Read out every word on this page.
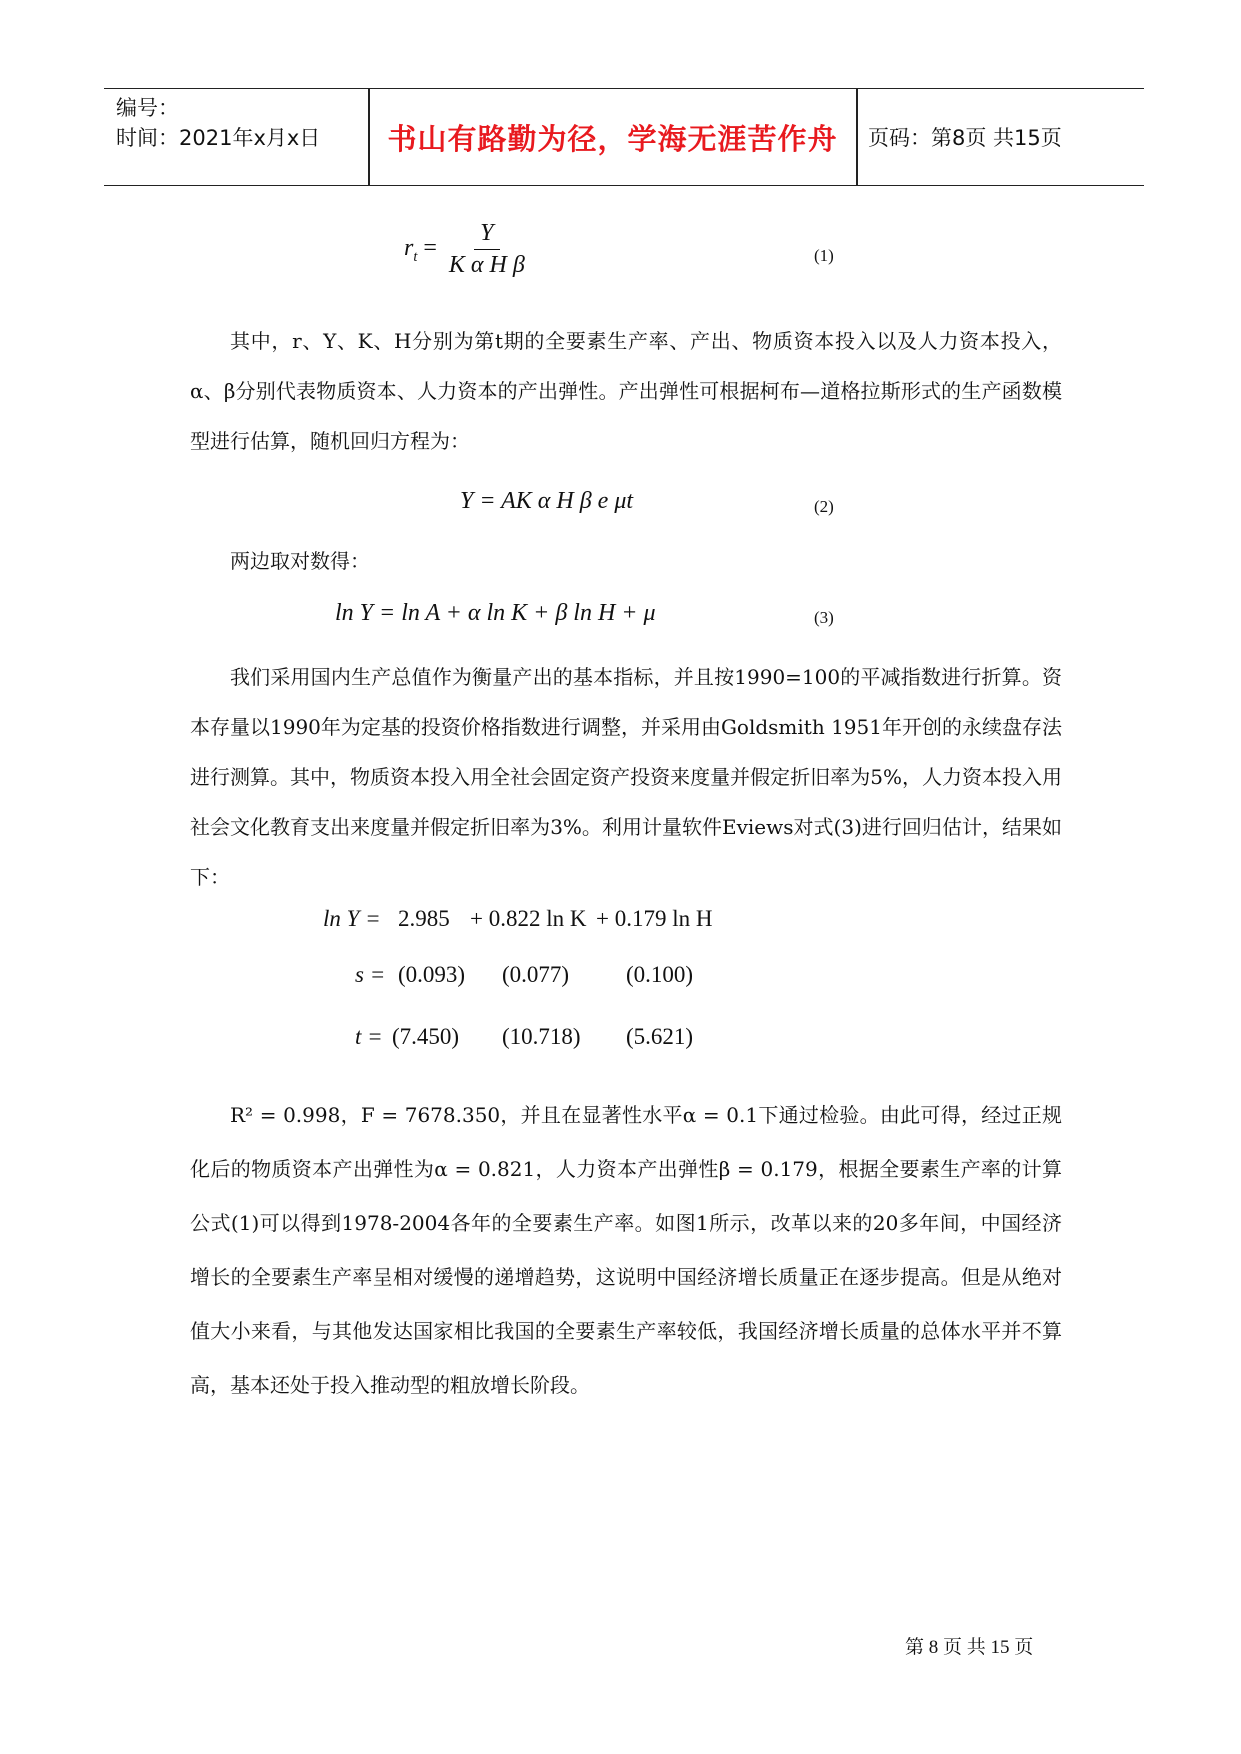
编号：
时间：2021年x月x日	书山有路勤为径，学海无涯苦作舟	页码：第8页 共15页
$r_t = \frac{Y}{\text{K α H β}}$	(1)
其中，r、Y、K、H分别为第t期的全要素生产率、产出、物质资本投入以及人力资本投入，α、β分别代表物质资本、人力资本的产出弹性。产出弹性可根据柯布—道格拉斯形式的生产函数模型进行估算，随机回归方程为：
Y = AK α H β e μt	(2)
两边取对数得：
ln Y = ln A + α ln K + β ln H + μ	(3)
我们采用国内生产总值作为衡量产出的基本指标，并且按1990=100的平减指数进行折算。资本存量以1990年为定基的投资价格指数进行调整，并采用由Goldsmith 1951年开创的永续盘存法进行测算。其中，物质资本投入用全社会固定资产投资来度量并假定折旧率为5%，人力资本投入用社会文化教育支出来度量并假定折旧率为3%。利用计量软件Eviews对式(3)进行回归估计，结果如下：
ln Y = 2.985 + 0.822 ln K + 0.179 ln H
s = (0.093) (0.077) (0.100)
t = (7.450) (10.718) (5.621)
R² = 0.998，F = 7678.350，并且在显著性水平α = 0.1下通过检验。由此可得，经过正规化后的物质资本产出弹性为α = 0.821，人力资本产出弹性β = 0.179，根据全要素生产率的计算公式(1)可以得到1978-2004各年的全要素生产率。如图1所示，改革以来的20多年间，中国经济增长的全要素生产率呈相对缓慢的递增趋势，这说明中国经济增长质量正在逐步提高。但是从绝对值大小来看，与其他发达国家相比我国的全要素生产率较低，我国经济增长质量的总体水平并不算高，基本还处于投入推动型的粗放增长阶段。
第 8 页 共 15 页
